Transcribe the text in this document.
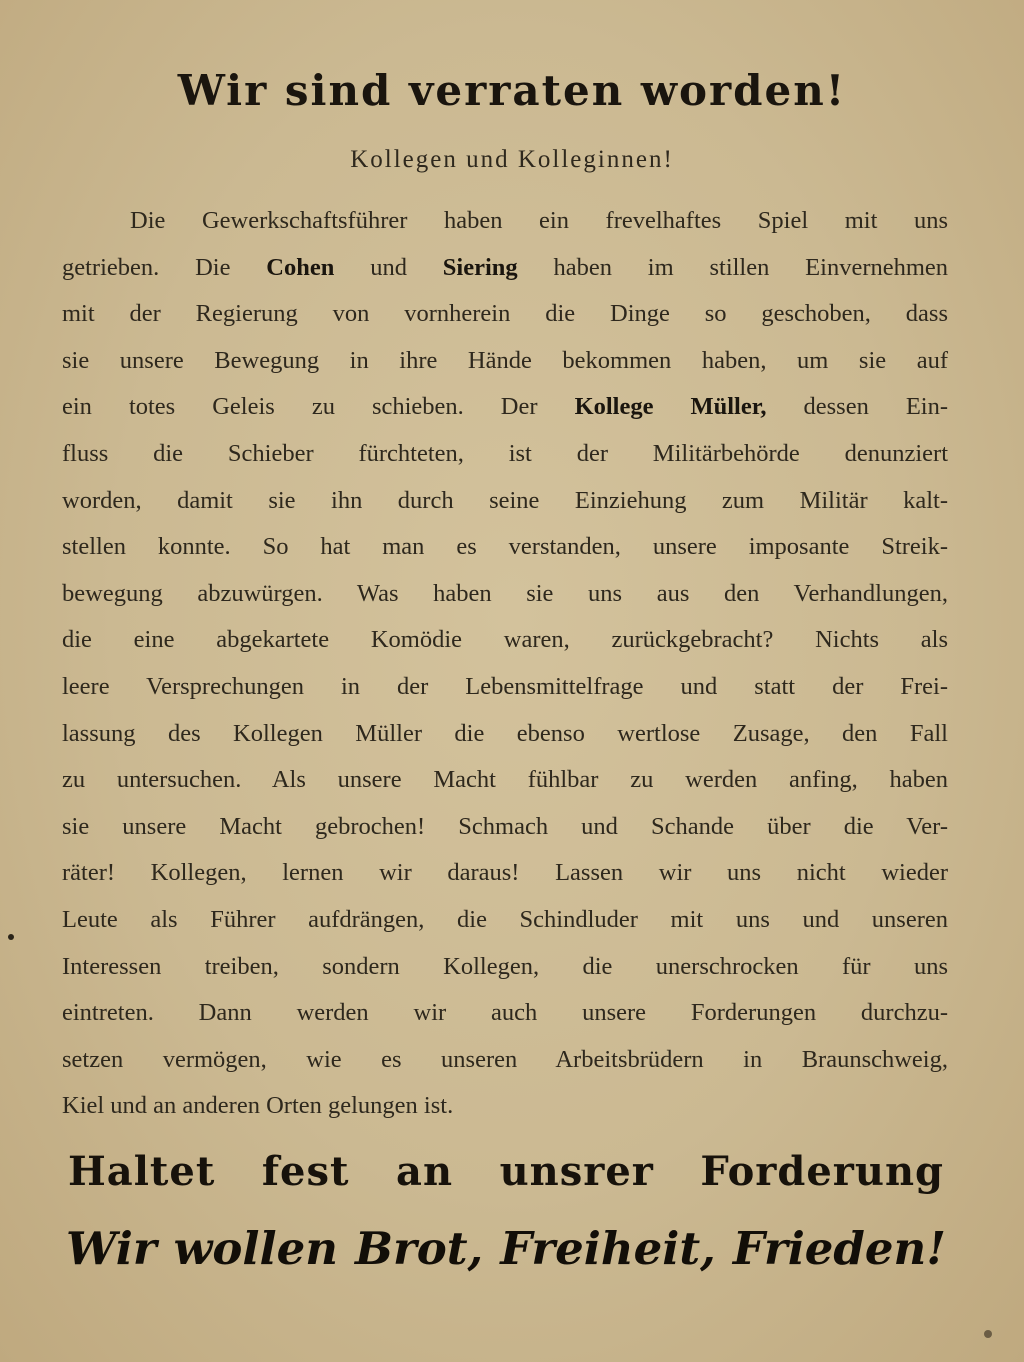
Wir sind verraten worden!

Kollegen und Kolleginnen!

Die Gewerkschaftsführer haben ein frevelhaftes Spiel mit uns
getrieben. Die Cohen und Siering haben im stillen Einvernehmen
mit der Regierung von vornherein die Dinge so geschoben, dass
sie unsere Bewegung in ihre Hände bekommen haben, um sie auf
ein totes Geleis zu schieben. Der Kollege Müller, dessen Ein-
fluss die Schieber fürchteten, ist der Militärbehörde denunziert
worden, damit sie ihn durch seine Einziehung zum Militär kalt-
stellen konnte. So hat man es verstanden, unsere imposante Streik-
bewegung abzuwürgen. Was haben sie uns aus den Verhandlungen,
die eine abgekartete Komödie waren, zurückgebracht? Nichts als
leere Versprechungen in der Lebensmittelfrage und statt der Frei-
lassung des Kollegen Müller die ebenso wertlose Zusage, den Fall
zu untersuchen. Als unsere Macht fühlbar zu werden anfing, haben
sie unsere Macht gebrochen! Schmach und Schande über die Ver-
räter! Kollegen, lernen wir daraus! Lassen wir uns nicht wieder
Leute als Führer aufdrängen, die Schindluder mit uns und unseren
Interessen treiben, sondern Kollegen, die unerschrocken für uns
eintreten. Dann werden wir auch unsere Forderungen durchzu-
setzen vermögen, wie es unseren Arbeitsbrüdern in Braunschweig,
Kiel und an anderen Orten gelungen ist.

Haltet fest an unsrer Forderung

Wir wollen Brot, Freiheit, Frieden!
